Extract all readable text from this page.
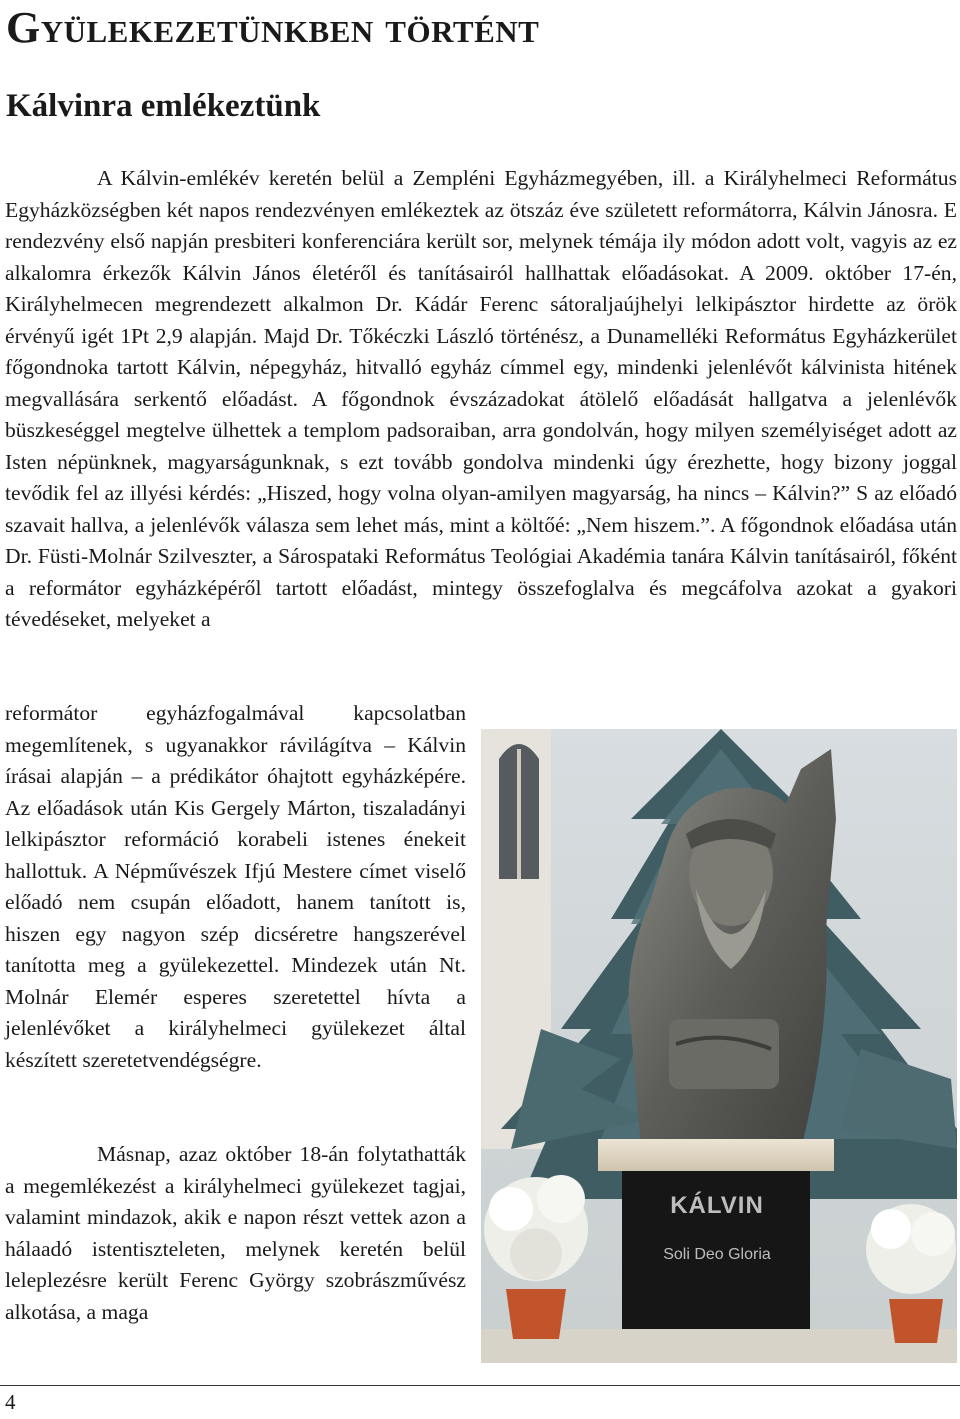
Gyülekezetünkben történt
Kálvinra emlékeztünk

A Kálvin-emlékév keretén belül a Zempléni Egyházmegyében, ill. a Királyhelmeci Református Egyházközségben két napos rendezvényen emlékeztek az ötszáz éve született reformátorra, Kálvin Jánosra. E rendezvény első napján presbiteri konferenciára került sor, melynek témája ily módon adott volt, vagyis az ez alkalomra érkezők Kálvin János életéről és tanításairól hallhattak előadásokat. A 2009. október 17-én, Királyhelmecen megrendezett alkalmon Dr. Kádár Ferenc sátoraljaújhelyi lelkipásztor hirdette az örök érvényű igét 1Pt 2,9 alapján. Majd Dr. Tőkéczki László történész, a Dunamelléki Református Egyházkerület főgondnoka tartott Kálvin, népegyház, hitvalló egyház címmel egy, mindenki jelenlévőt kálvinista hitének megvallására serkentő előadást. A főgondnok évszázadokat átölelő előadását hallgatva a jelenlévők büszkeséggel megtelve ülhettek a templom padsoraiban, arra gondolván, hogy milyen személyiséget adott az Isten népünknek, magyarságunknak, s ezt tovább gondolva mindenki úgy érezhette, hogy bizony joggal tevődik fel az illyési kérdés: „Hiszed, hogy volna olyan-amilyen magyarság, ha nincs – Kálvin?” S az előadó szavait hallva, a jelenlévők válasza sem lehet más, mint a költőé: „Nem hiszem.”. A főgondnok előadása után Dr. Füsti-Molnár Szilveszter, a Sárospataki Református Teológiai Akadémia tanára Kálvin tanításairól, főként a reformátor egyházképéről tartott előadást, mintegy összefoglalva és megcáfolva azokat a gyakori tévedéseket, melyeket a

reformátor egyházfogalmával kapcsolatban megemlítenek, s ugyanakkor rávilágítva – Kálvin írásai alapján – a prédikátor óhajtott egyházképére. Az előadások után Kis Gergely Márton, tiszaladányi lelkipásztor reformáció korabeli istenes énekeit hallottuk. A Népművészek Ifjú Mestere címet viselő előadó nem csupán előadott, hanem tanított is, hiszen egy nagyon szép dicséretre hangszerével tanította meg a gyülekezettel. Mindezek után Nt. Molnár Elemér esperes szeretettel hívta a jelenlévőket a királyhelmeci gyülekezet által készített szeretetvendégségre.

Másnap, azaz október 18-án folytathatták a megemlékezést a királyhelmeci gyülekezet tagjai, valamint mindazok, akik e napon részt vettek azon a hálaadó istentiszteleten, melynek keretén belül leleplezésre került Ferenc György szobrászművész alkotása, a maga

KÁLVIN
Soli Deo Gloria
4
